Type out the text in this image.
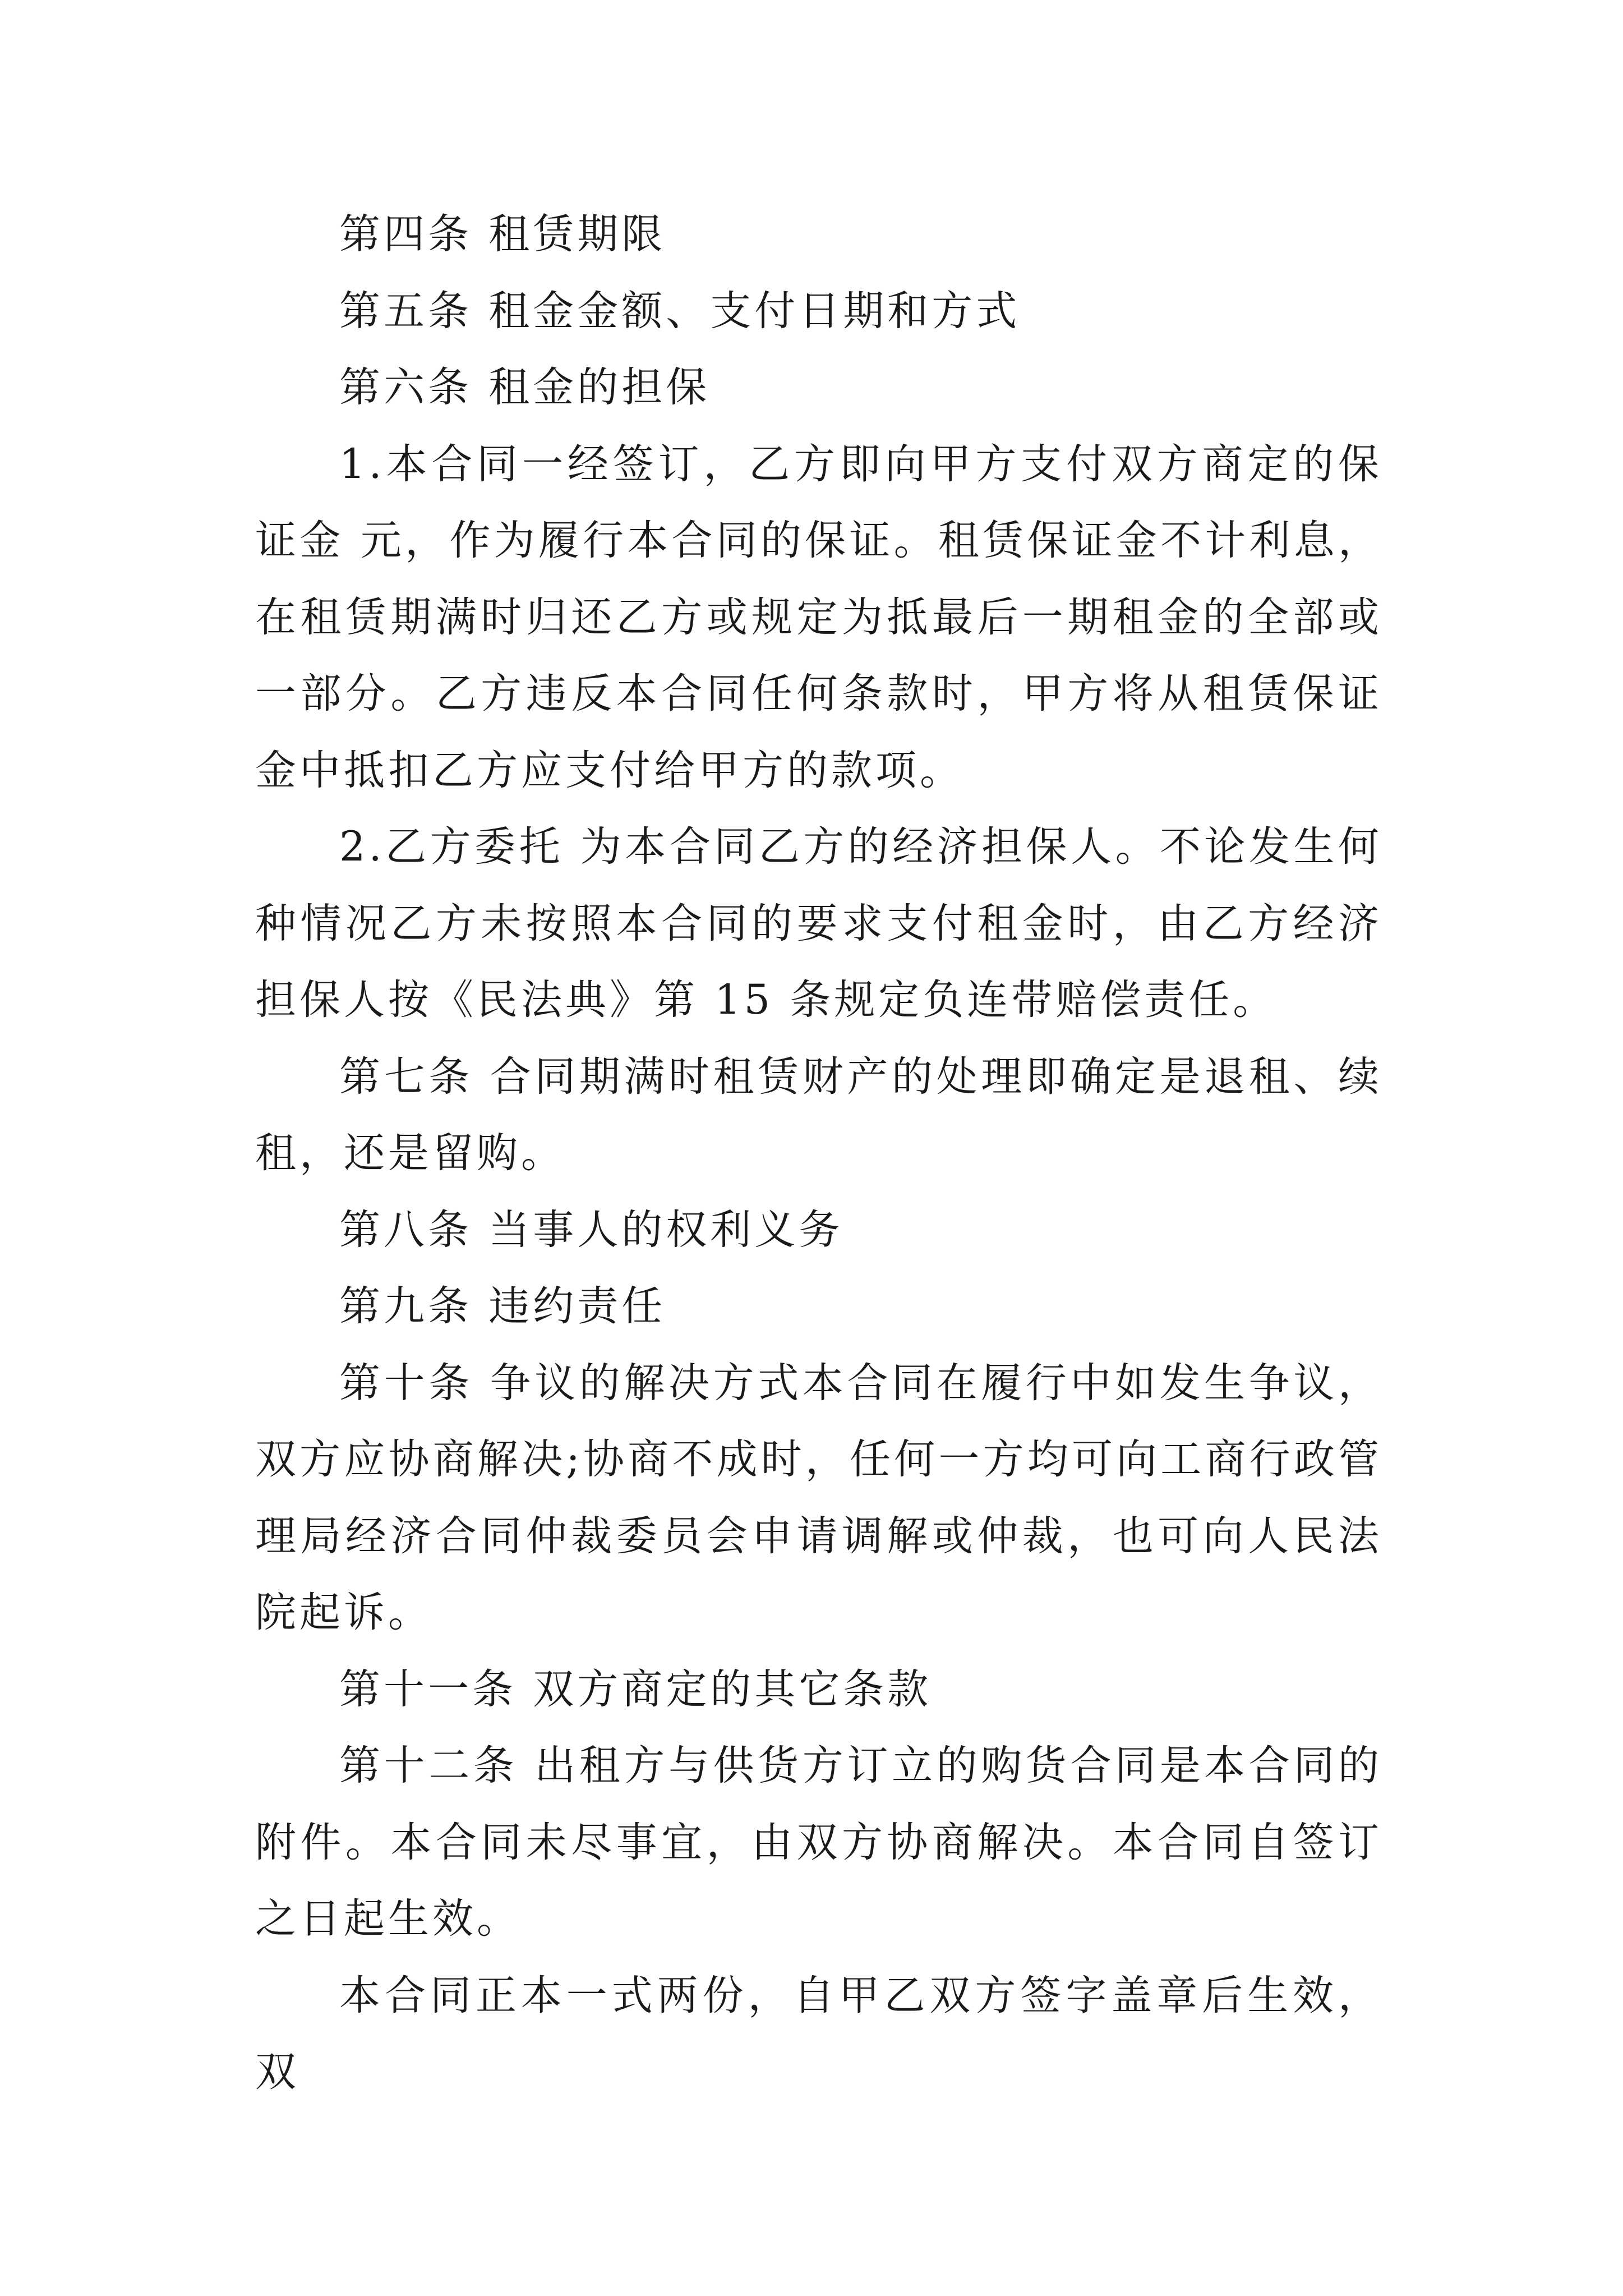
第四条 租赁期限

第五条 租金金额、支付日期和方式

第六条 租金的担保

1.本合同一经签订，乙方即向甲方支付双方商定的保证金 元，作为履行本合同的保证。租赁保证金不计利息，在租赁期满时归还乙方或规定为抵最后一期租金的全部或一部分。乙方违反本合同任何条款时，甲方将从租赁保证金中抵扣乙方应支付给甲方的款项。

2.乙方委托 为本合同乙方的经济担保人。不论发生何种情况乙方未按照本合同的要求支付租金时，由乙方经济担保人按《民法典》第 15 条规定负连带赔偿责任。

第七条 合同期满时租赁财产的处理即确定是退租、续租，还是留购。

第八条 当事人的权利义务

第九条 违约责任

第十条 争议的解决方式本合同在履行中如发生争议，双方应协商解决;协商不成时，任何一方均可向工商行政管理局经济合同仲裁委员会申请调解或仲裁，也可向人民法院起诉。

第十一条 双方商定的其它条款

第十二条 出租方与供货方订立的购货合同是本合同的附件。本合同未尽事宜，由双方协商解决。本合同自签订之日起生效。

本合同正本一式两份，自甲乙双方签字盖章后生效，双
